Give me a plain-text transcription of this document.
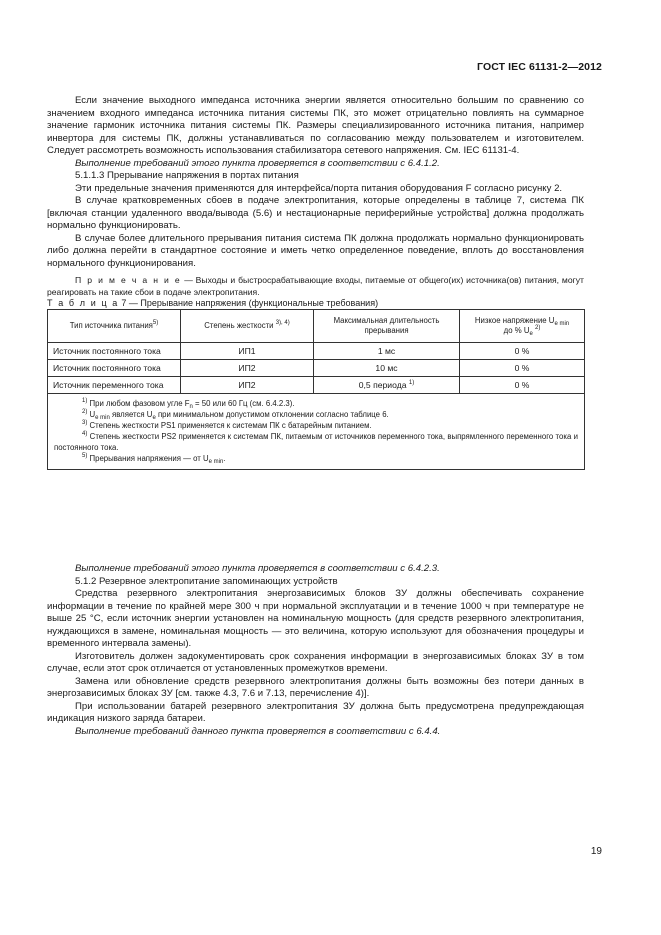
ГОСТ IEC 61131-2—2012

Если значение выходного импеданса источника энергии является относительно большим по сравнению со значением входного импеданса источника питания системы ПК, это может отрицательно повлиять на суммарное значение гармоник источника питания системы ПК. Размеры специализированного источника питания, например инвертора для системы ПК, должны устанавливаться по согласованию между пользователем и изготовителем. Следует рассмотреть возможность использования стабилизатора сетевого напряжения. См. IEC 61131-4.

Выполнение требований этого пункта проверяется в соответствии с 6.4.1.2.

5.1.1.3 Прерывание напряжения в портах питания

Эти предельные значения применяются для интерфейса/порта питания оборудования F согласно рисунку 2.

В случае кратковременных сбоев в подаче электропитания, которые определены в таблице 7, система ПК [включая станции удаленного ввода/вывода (5.6) и нестационарные периферийные устройства] должна продолжать нормально функционировать.

В случае более длительного прерывания питания система ПК должна продолжать нормально функционировать либо должна перейти в стандартное состояние и иметь четко определенное поведение, вплоть до восстановления нормального функционирования.

П р и м е ч а н и е — Выходы и быстросрабатывающие входы, питаемые от общего(их) источника(ов) питания, могут реагировать на такие сбои в подаче электропитания.

Т а б л и ц а 7 — Прерывание напряжения (функциональные требования)

Тип источника питания$^{5)}$	Степень жесткости $^{3), 4)}$	Максимальная длительность прерывания	Низкое напряжение $U_{e min}$
до % $U_e$ $^{2)}$
Источник постоянного тока	ИП1	1 мс	0 %
Источник постоянного тока	ИП2	10 мс	0 %
Источник переменного тока	ИП2	0,5 периода $^{1)}$	0 %

$^{1)}$ При любом фазовом угле $F_n = 50$ или 60 Гц (см. 6.4.2.3).

$^{2)}$ $U_{e min}$ является $U_e$ при минимальном допустимом отклонении согласно таблице 6.

$^{3)}$ Степень жесткости PS1 применяется к системам ПК с батарейным питанием.

$^{4)}$ Степень жесткости PS2 применяется к системам ПК, питаемым от источников переменного тока, выпрямленного переменного тока и постоянного тока.

$^{5)}$ Прерывания напряжения — от $U_{e min}$.			

Выполнение требований этого пункта проверяется в соответствии с 6.4.2.3.

5.1.2 Резервное электропитание запоминающих устройств

Средства резервного электропитания энергозависимых блоков ЗУ должны обеспечивать сохранение информации в течение по крайней мере 300 ч при нормальной эксплуатации и в течение 1000 ч при температуре не выше 25 °C, если источник энергии установлен на номинальную мощность (для средств резервного электропитания, нуждающихся в замене, номинальная мощность — это величина, которую используют для обозначения процедуры и временного интервала замены).

Изготовитель должен задокументировать срок сохранения информации в энергозависимых блоках ЗУ в том случае, если этот срок отличается от установленных промежутков времени.

Замена или обновление средств резервного электропитания должны быть возможны без потери данных в энергозависимых блоках ЗУ [см. также 4.3, 7.6 и 7.13, перечисление 4)].

При использовании батарей резервного электропитания ЗУ должна быть предусмотрена предупреждающая индикация низкого заряда батареи.

Выполнение требований данного пункта проверяется в соответствии с 6.4.4.

19
